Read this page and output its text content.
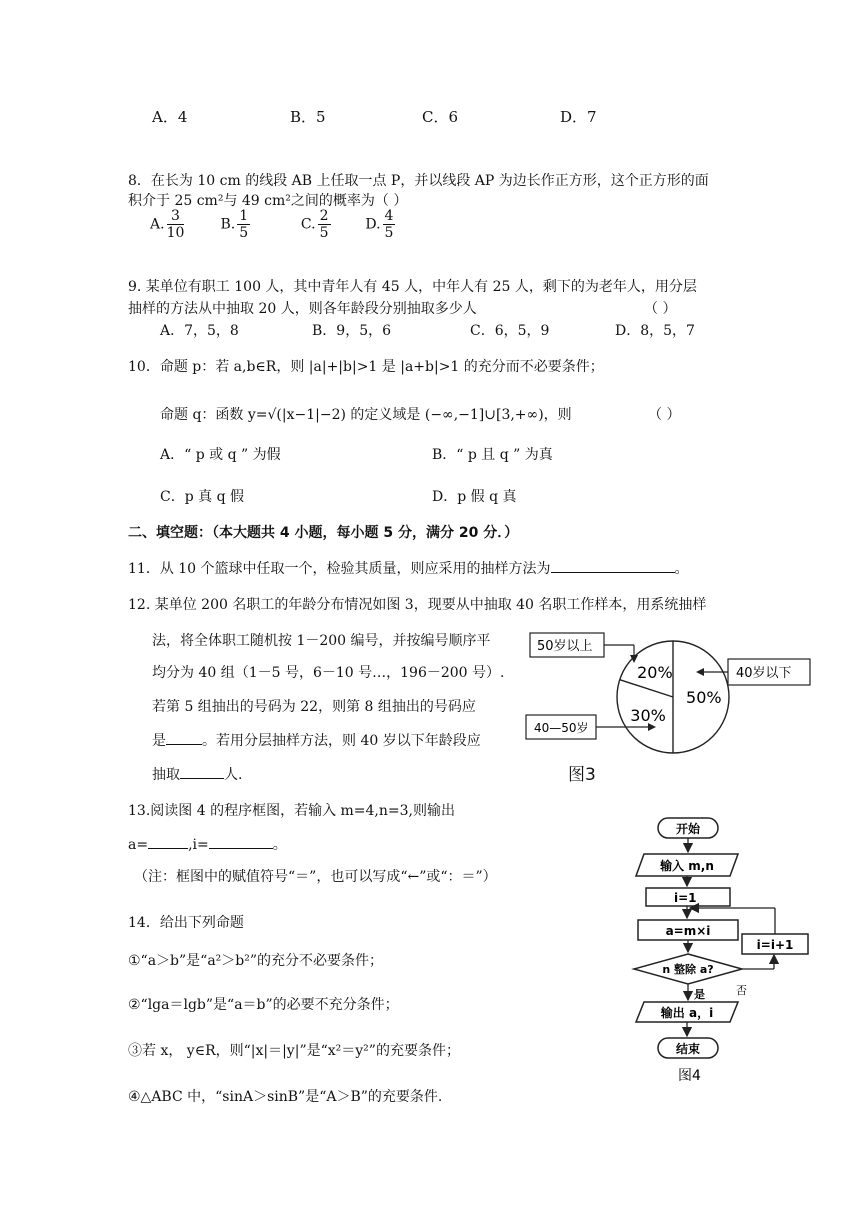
A．4	B．5	C．6	D．7
8．在长为 10 cm 的线段 AB 上任取一点 P，并以线段 AP 为边长作正方形，这个正方形的面
积介于 25 cm²与 49 cm²之间的概率为（ ）
A. $\frac{3}{10}$	B. $\frac{1}{5}$	C. $\frac{2}{5} D$. $\frac{4}{5}$
9. 某单位有职工 100 人，其中青年人有 45 人，中年人有 25 人，剩下的为老年人，用分层
抽样的方法从中抽取 20 人，则各年龄段分别抽取多少人	（ ）
A．7，5，8	B．9，5，6	C．6，5，9	D．8，5，7
10．命题 p：若 a,b∈R，则 |a|+|b|>1 是 |a+b|>1 的充分而不必要条件；
命题 q：函数 y=√(|x−1|−2) 的定义域是 (−∞,−1]∪[3,+∞)，则	（ ）
A．“ p 或 q ” 为假	B．“ p 且 q ” 为真
C．p 真 q 假	D．p 假 q 真
二、填空题：（本大题共 4 小题，每小题 5 分，满分 20 分．）
11．从 10 个篮球中任取一个，检验其质量，则应采用的抽样方法为	。
12. 某单位 200 名职工的年龄分布情况如图 3，现要从中抽取 40 名职工作样本，用系统抽样
法，将全体职工随机按 1－200 编号，并按编号顺序平
均分为 40 组（1－5 号，6－10 号…，196－200 号）.
若第 5 组抽出的号码为 22，则第 8 组抽出的号码应
是	。若用分层抽样方法，则 40 岁以下年龄段应
抽取	人.
20%
50%
30%
50岁以上
40岁以下
40—50岁
图3
13.阅读图 4 的程序框图，若输入 m=4,n=3,则输出
a=	,i=	。
（注：框图中的赋值符号“＝”，也可以写成“←”或“：＝”）
开始
输入 m,n
i=1
a=m×i
n 整除 a?
否
i=i+1
是
输出 a，i
结束
图4
14．给出下列命题
①“a＞b”是“a²＞b²”的充分不必要条件；
②“lga＝lgb”是“a＝b”的必要不充分条件；
③若 x， y∈R，则“|x|＝|y|”是“x²＝y²”的充要条件；
④△ABC 中，“sinA＞sinB”是“A＞B”的充要条件.
